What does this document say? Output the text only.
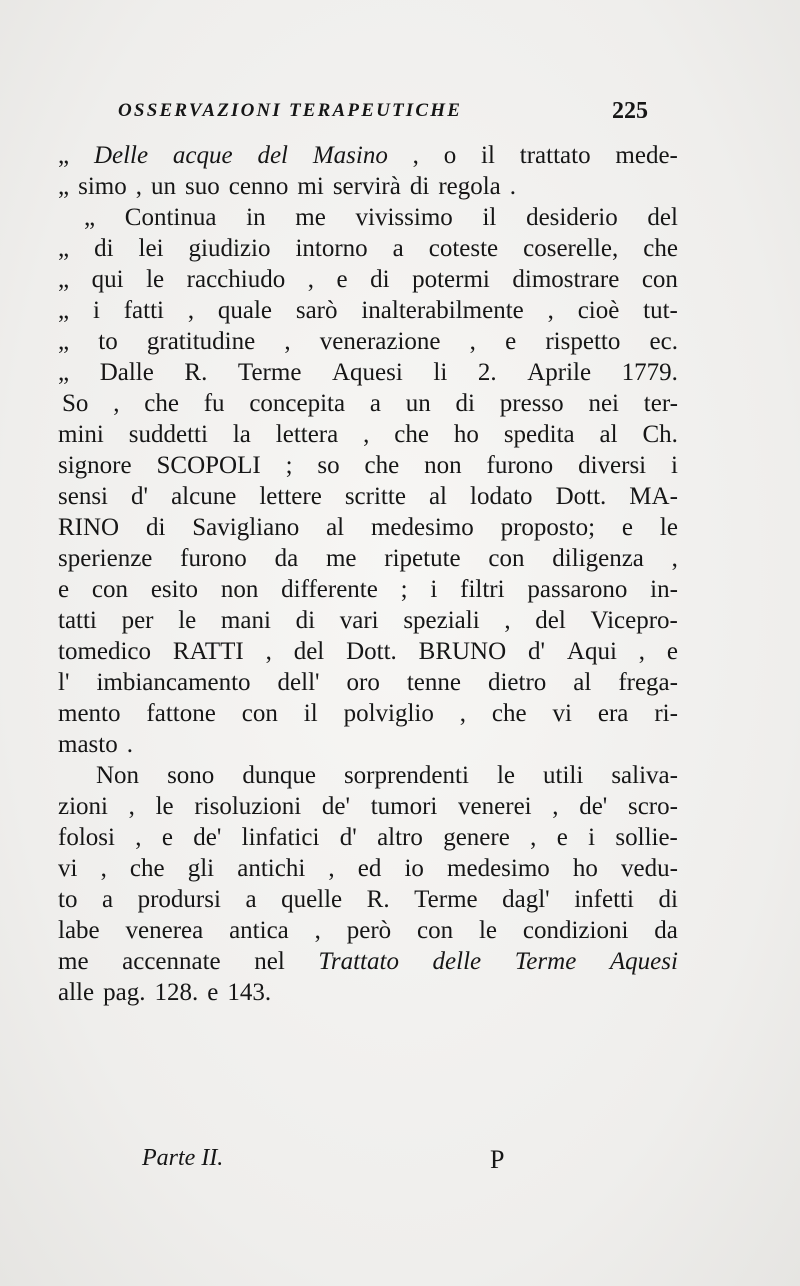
OSSERVAZIONI TERAPEUTICHE	225
„ Delle acque del Masino , o il trattato mede-
„ simo , un suo cenno mi servirà di regola .
„ Continua in me vivissimo il desiderio del
„ di lei giudizio intorno a coteste coserelle, che
„ qui le racchiudo , e di potermi dimostrare con
„ i fatti , quale sarò inalterabilmente , cioè tut-
„ to gratitudine , venerazione , e rispetto ec.
„ Dalle R. Terme Aquesi li 2. Aprile 1779.
So , che fu concepita a un di presso nei ter-
mini suddetti la lettera , che ho spedita al Ch.
signore SCOPOLI ; so che non furono diversi i
sensi d' alcune lettere scritte al lodato Dott. MA-
RINO di Savigliano al medesimo proposto; e le
sperienze furono da me ripetute con diligenza ,
e con esito non differente ; i filtri passarono in-
tatti per le mani di vari speziali , del Vicepro-
tomedico RATTI , del Dott. BRUNO d' Aqui , e
l' imbiancamento dell' oro tenne dietro al frega-
mento fattone con il polviglio , che vi era ri-
masto .
Non sono dunque sorprendenti le utili saliva-
zioni , le risoluzioni de' tumori venerei , de' scro-
folosi , e de' linfatici d' altro genere , e i sollie-
vi , che gli antichi , ed io medesimo ho vedu-
to a prodursi a quelle R. Terme dagl' infetti di
labe venerea antica , però con le condizioni da
me accennate nel Trattato delle Terme Aquesi
alle pag. 128. e 143.
Parte II.	P
